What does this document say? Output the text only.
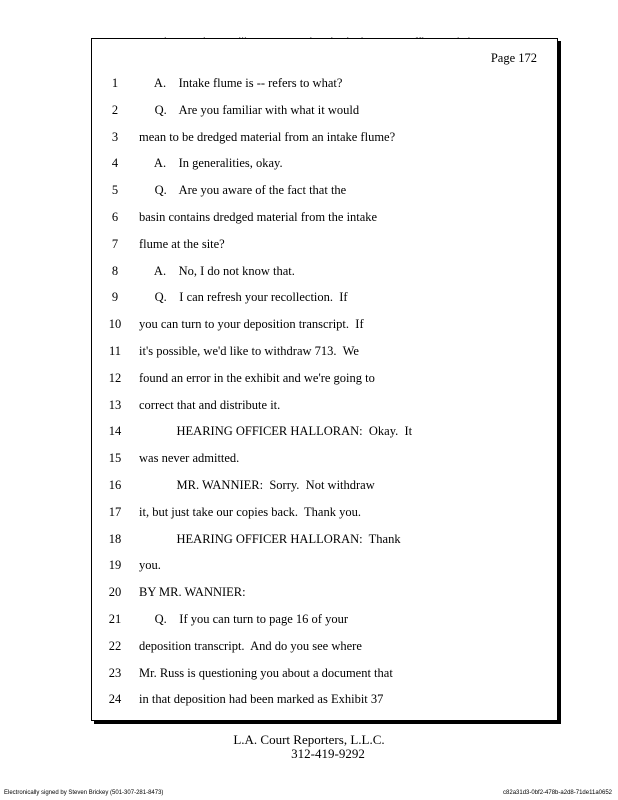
Page 172
1	A.    Intake flume is -- refers to what?
2	Q.    Are you familiar with what it would
3	mean to be dredged material from an intake flume?
4	A.    In generalities, okay.
5	Q.    Are you aware of the fact that the
6	basin contains dredged material from the intake
7	flume at the site?
8	A.    No, I do not know that.
9	Q.    I can refresh your recollection.  If
10	you can turn to your deposition transcript.  If
11	it's possible, we'd like to withdraw 713.  We
12	found an error in the exhibit and we're going to
13	correct that and distribute it.
14	HEARING OFFICER HALLORAN:  Okay.  It
15	was never admitted.
16	MR. WANNIER:  Sorry.  Not withdraw
17	it, but just take our copies back.  Thank you.
18	HEARING OFFICER HALLORAN:  Thank
19	you.
20	BY MR. WANNIER:
21	Q.    If you can turn to page 16 of your
22	deposition transcript.  And do you see where
23	Mr. Russ is questioning you about a document that
24	in that deposition had been marked as Exhibit 37
L.A. Court Reporters, L.L.C.
312-419-9292
Electronically signed by Steven Brickey (501-307-281-8473)	c82a31d3-0bf2-478b-a2d8-71de11a0652
